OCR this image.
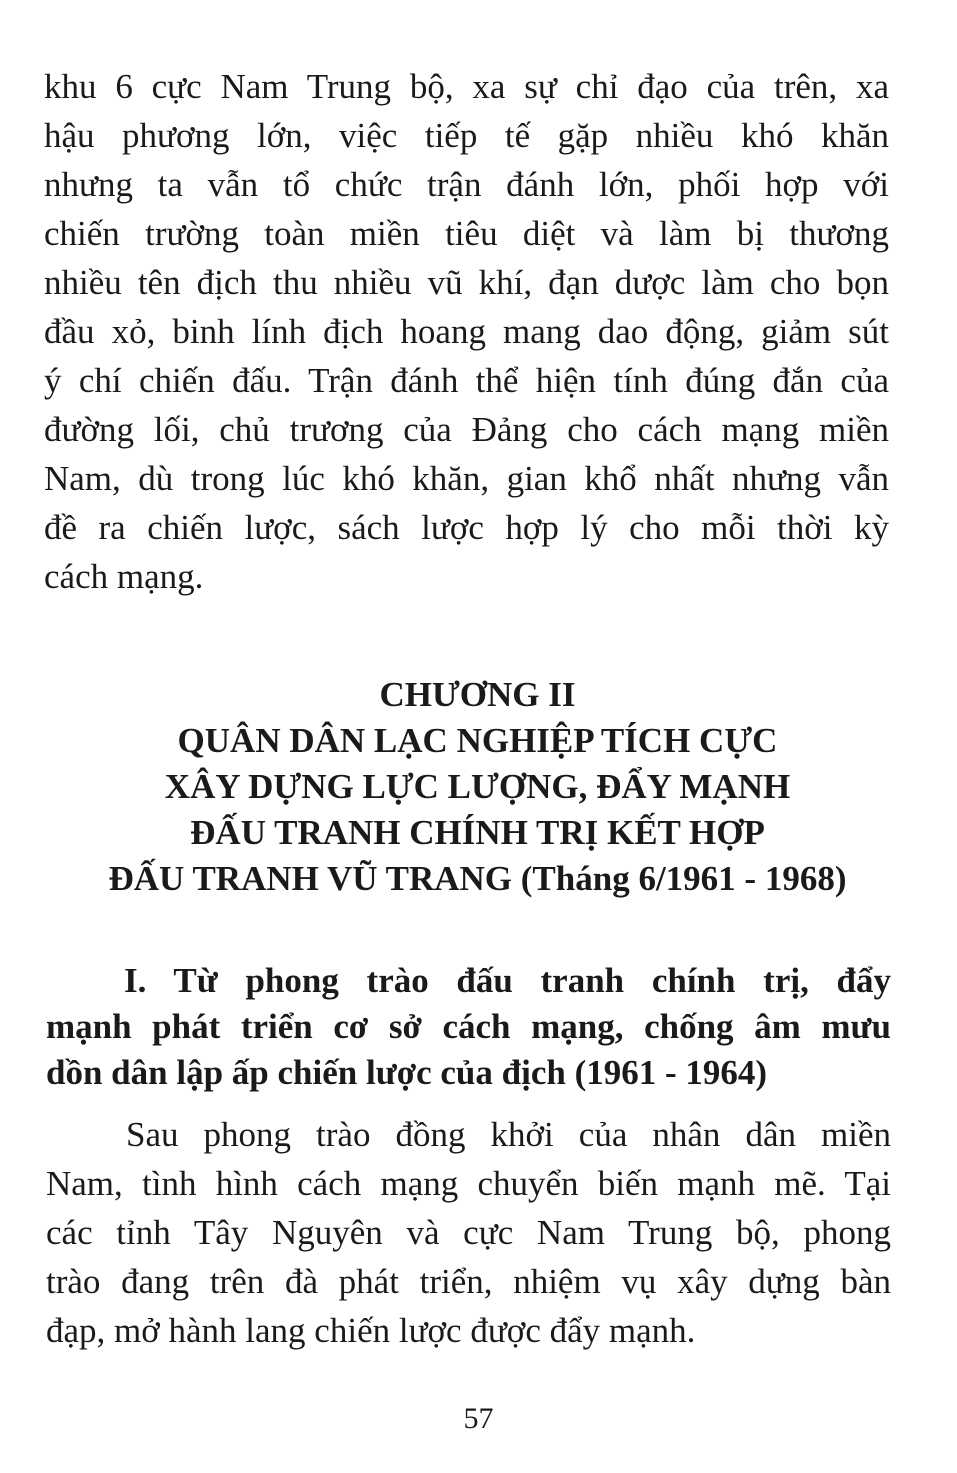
khu 6 cực Nam Trung bộ, xa sự chỉ đạo của trên, xa
hậu phương lớn, việc tiếp tế gặp nhiều khó khăn
nhưng ta vẫn tổ chức trận đánh lớn, phối hợp với
chiến trường toàn miền tiêu diệt và làm bị thương
nhiều tên địch thu nhiều vũ khí, đạn dược làm cho bọn
đầu xỏ, binh lính địch hoang mang dao động, giảm sút
ý chí chiến đấu. Trận đánh thể hiện tính đúng đắn của
đường lối, chủ trương của Đảng cho cách mạng miền
Nam, dù trong lúc khó khăn, gian khổ nhất nhưng vẫn
đề ra chiến lược, sách lược hợp lý cho mỗi thời kỳ
cách mạng.
CHƯƠNG II
QUÂN DÂN LẠC NGHIỆP TÍCH CỰC
XÂY DỰNG LỰC LƯỢNG, ĐẨY MẠNH
ĐẤU TRANH CHÍNH TRỊ KẾT HỢP
ĐẤU TRANH VŨ TRANG (Tháng 6/1961 - 1968)
I. Từ phong trào đấu tranh chính trị, đẩy
mạnh phát triển cơ sở cách mạng, chống âm mưu
dồn dân lập ấp chiến lược của địch (1961 - 1964)
Sau phong trào đồng khởi của nhân dân miền
Nam, tình hình cách mạng chuyển biến mạnh mẽ. Tại
các tỉnh Tây Nguyên và cực Nam Trung bộ, phong
trào đang trên đà phát triển, nhiệm vụ xây dựng bàn
đạp, mở hành lang chiến lược được đẩy mạnh.
57
